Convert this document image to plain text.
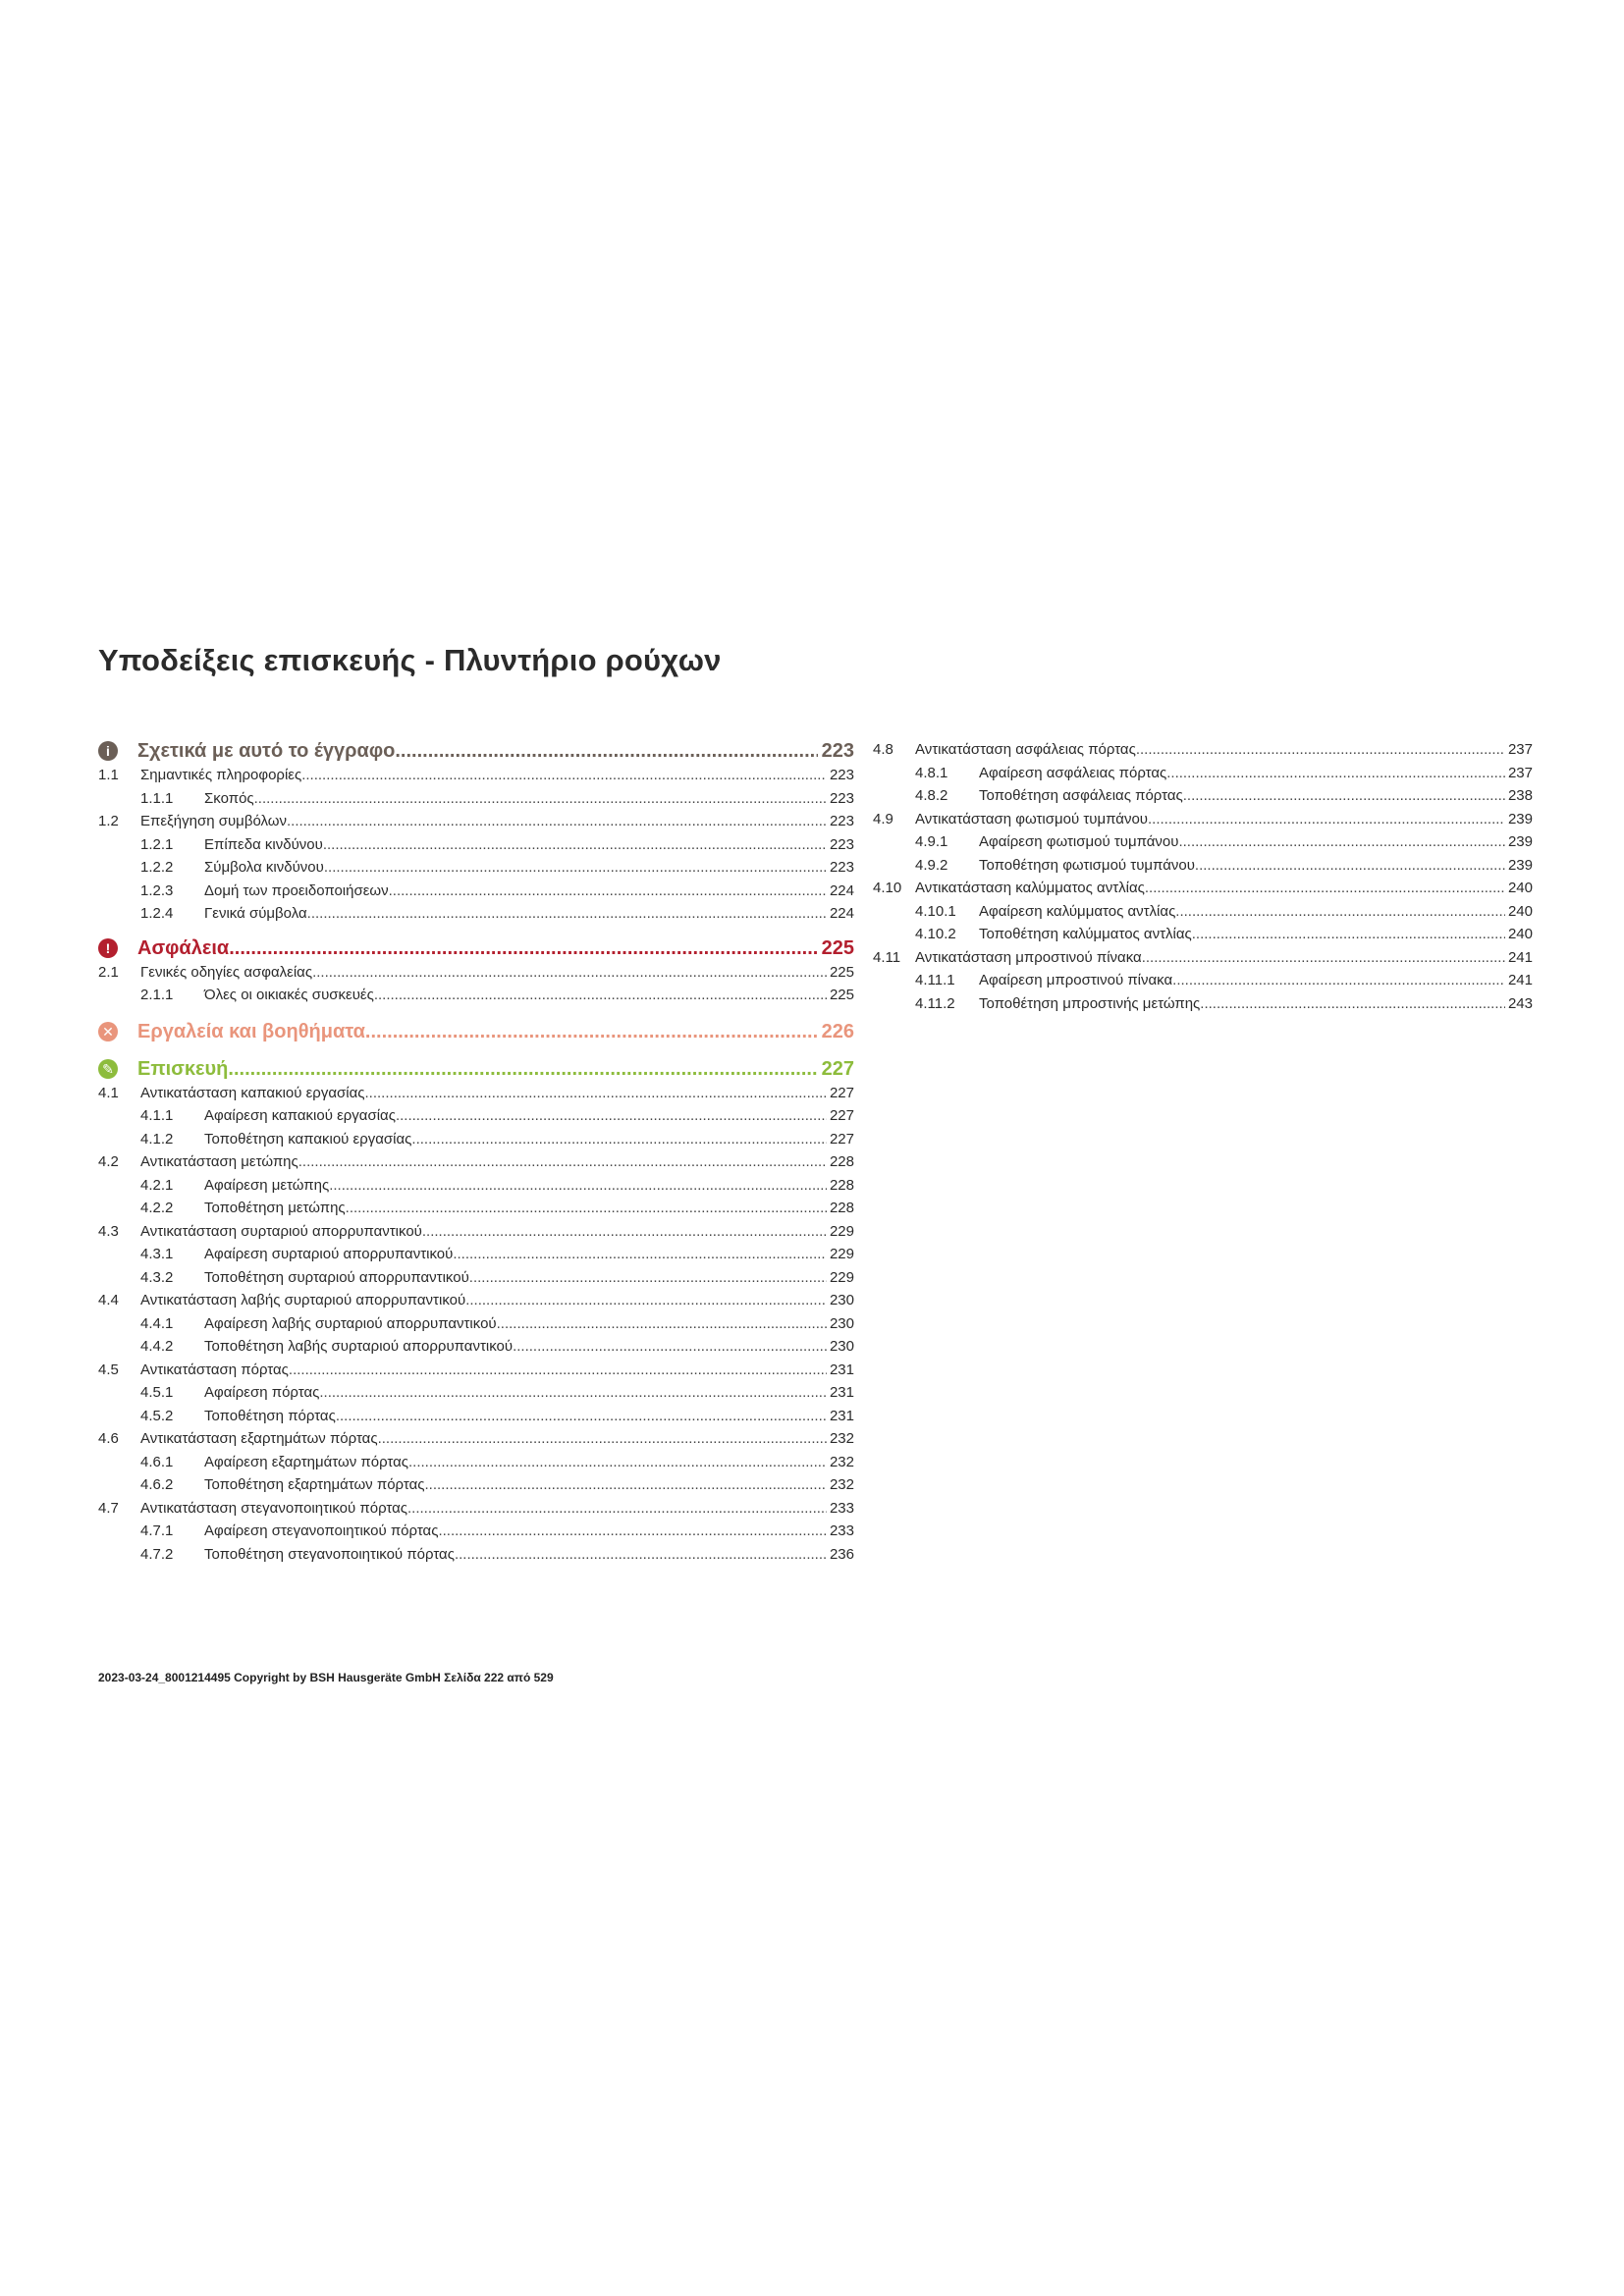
Υποδείξεις επισκευής - Πλυντήριο ρούχων
i	Σχετικά με αυτό το έγγραφο .....	223
1.1	Σημαντικές πληροφορίες .....	223
1.1.1	Σκοπός .....	223
1.2	Επεξήγηση συμβόλων .....	223
1.2.1	Επίπεδα κινδύνου .....	223
1.2.2	Σύμβολα κινδύνου .....	223
1.2.3	Δομή των προειδοποιήσεων .....	224
1.2.4	Γενικά σύμβολα .....	224
!	Ασφάλεια .....	225
2.1	Γενικές οδηγίες ασφαλείας .....	225
2.1.1	Όλες οι οικιακές συσκευές .....	225
✕ Εργαλεία και βοηθήματα .....	226
✎ Επισκευή .....	227
4.1	Αντικατάσταση καπακιού εργασίας .....	227
4.1.1	Αφαίρεση καπακιού εργασίας .....	227
4.1.2	Τοποθέτηση καπακιού εργασίας .....	227
4.2	Αντικατάσταση μετώπης .....	228
4.2.1	Αφαίρεση μετώπης .....	228
4.2.2	Τοποθέτηση μετώπης .....	228
4.3	Αντικατάσταση συρταριού απορρυπαντικού .....	229
4.3.1	Αφαίρεση συρταριού απορρυπαντικού .....	229
4.3.2	Τοποθέτηση συρταριού απορρυπαντικού .....	229
4.4	Αντικατάσταση λαβής συρταριού απορρυπαντικού .....	230
4.4.1	Αφαίρεση λαβής συρταριού απορρυπαντικού .....	230
4.4.2	Τοποθέτηση λαβής συρταριού απορρυπαντικού .....	230
4.5	Αντικατάσταση πόρτας .....	231
4.5.1	Αφαίρεση πόρτας .....	231
4.5.2	Τοποθέτηση πόρτας .....	231
4.6	Αντικατάσταση εξαρτημάτων πόρτας .....	232
4.6.1	Αφαίρεση εξαρτημάτων πόρτας .....	232
4.6.2	Τοποθέτηση εξαρτημάτων πόρτας .....	232
4.7	Αντικατάσταση στεγανοποιητικού πόρτας .....	233
4.7.1	Αφαίρεση στεγανοποιητικού πόρτας .....	233
4.7.2	Τοποθέτηση στεγανοποιητικού πόρτας .....	236
4.8	Αντικατάσταση ασφάλειας πόρτας .....	237
4.8.1	Αφαίρεση ασφάλειας πόρτας .....	237
4.8.2	Τοποθέτηση ασφάλειας πόρτας .....	238
4.9	Αντικατάσταση φωτισμού τυμπάνου .....	239
4.9.1	Αφαίρεση φωτισμού τυμπάνου .....	239
4.9.2	Τοποθέτηση φωτισμού τυμπάνου .....	239
4.10 Αντικατάσταση καλύμματος αντλίας .....	240
4.10.1	Αφαίρεση καλύμματος αντλίας .....	240
4.10.2	Τοποθέτηση καλύμματος αντλίας .....	240
4.11 Αντικατάσταση μπροστινού πίνακα .....	241
4.11.1	Αφαίρεση μπροστινού πίνακα .....	241
4.11.2	Τοποθέτηση μπροστινής μετώπης .....	243
2023-03-24_8001214495 Copyright by BSH Hausgeräte GmbH Σελίδα 222 από 529
